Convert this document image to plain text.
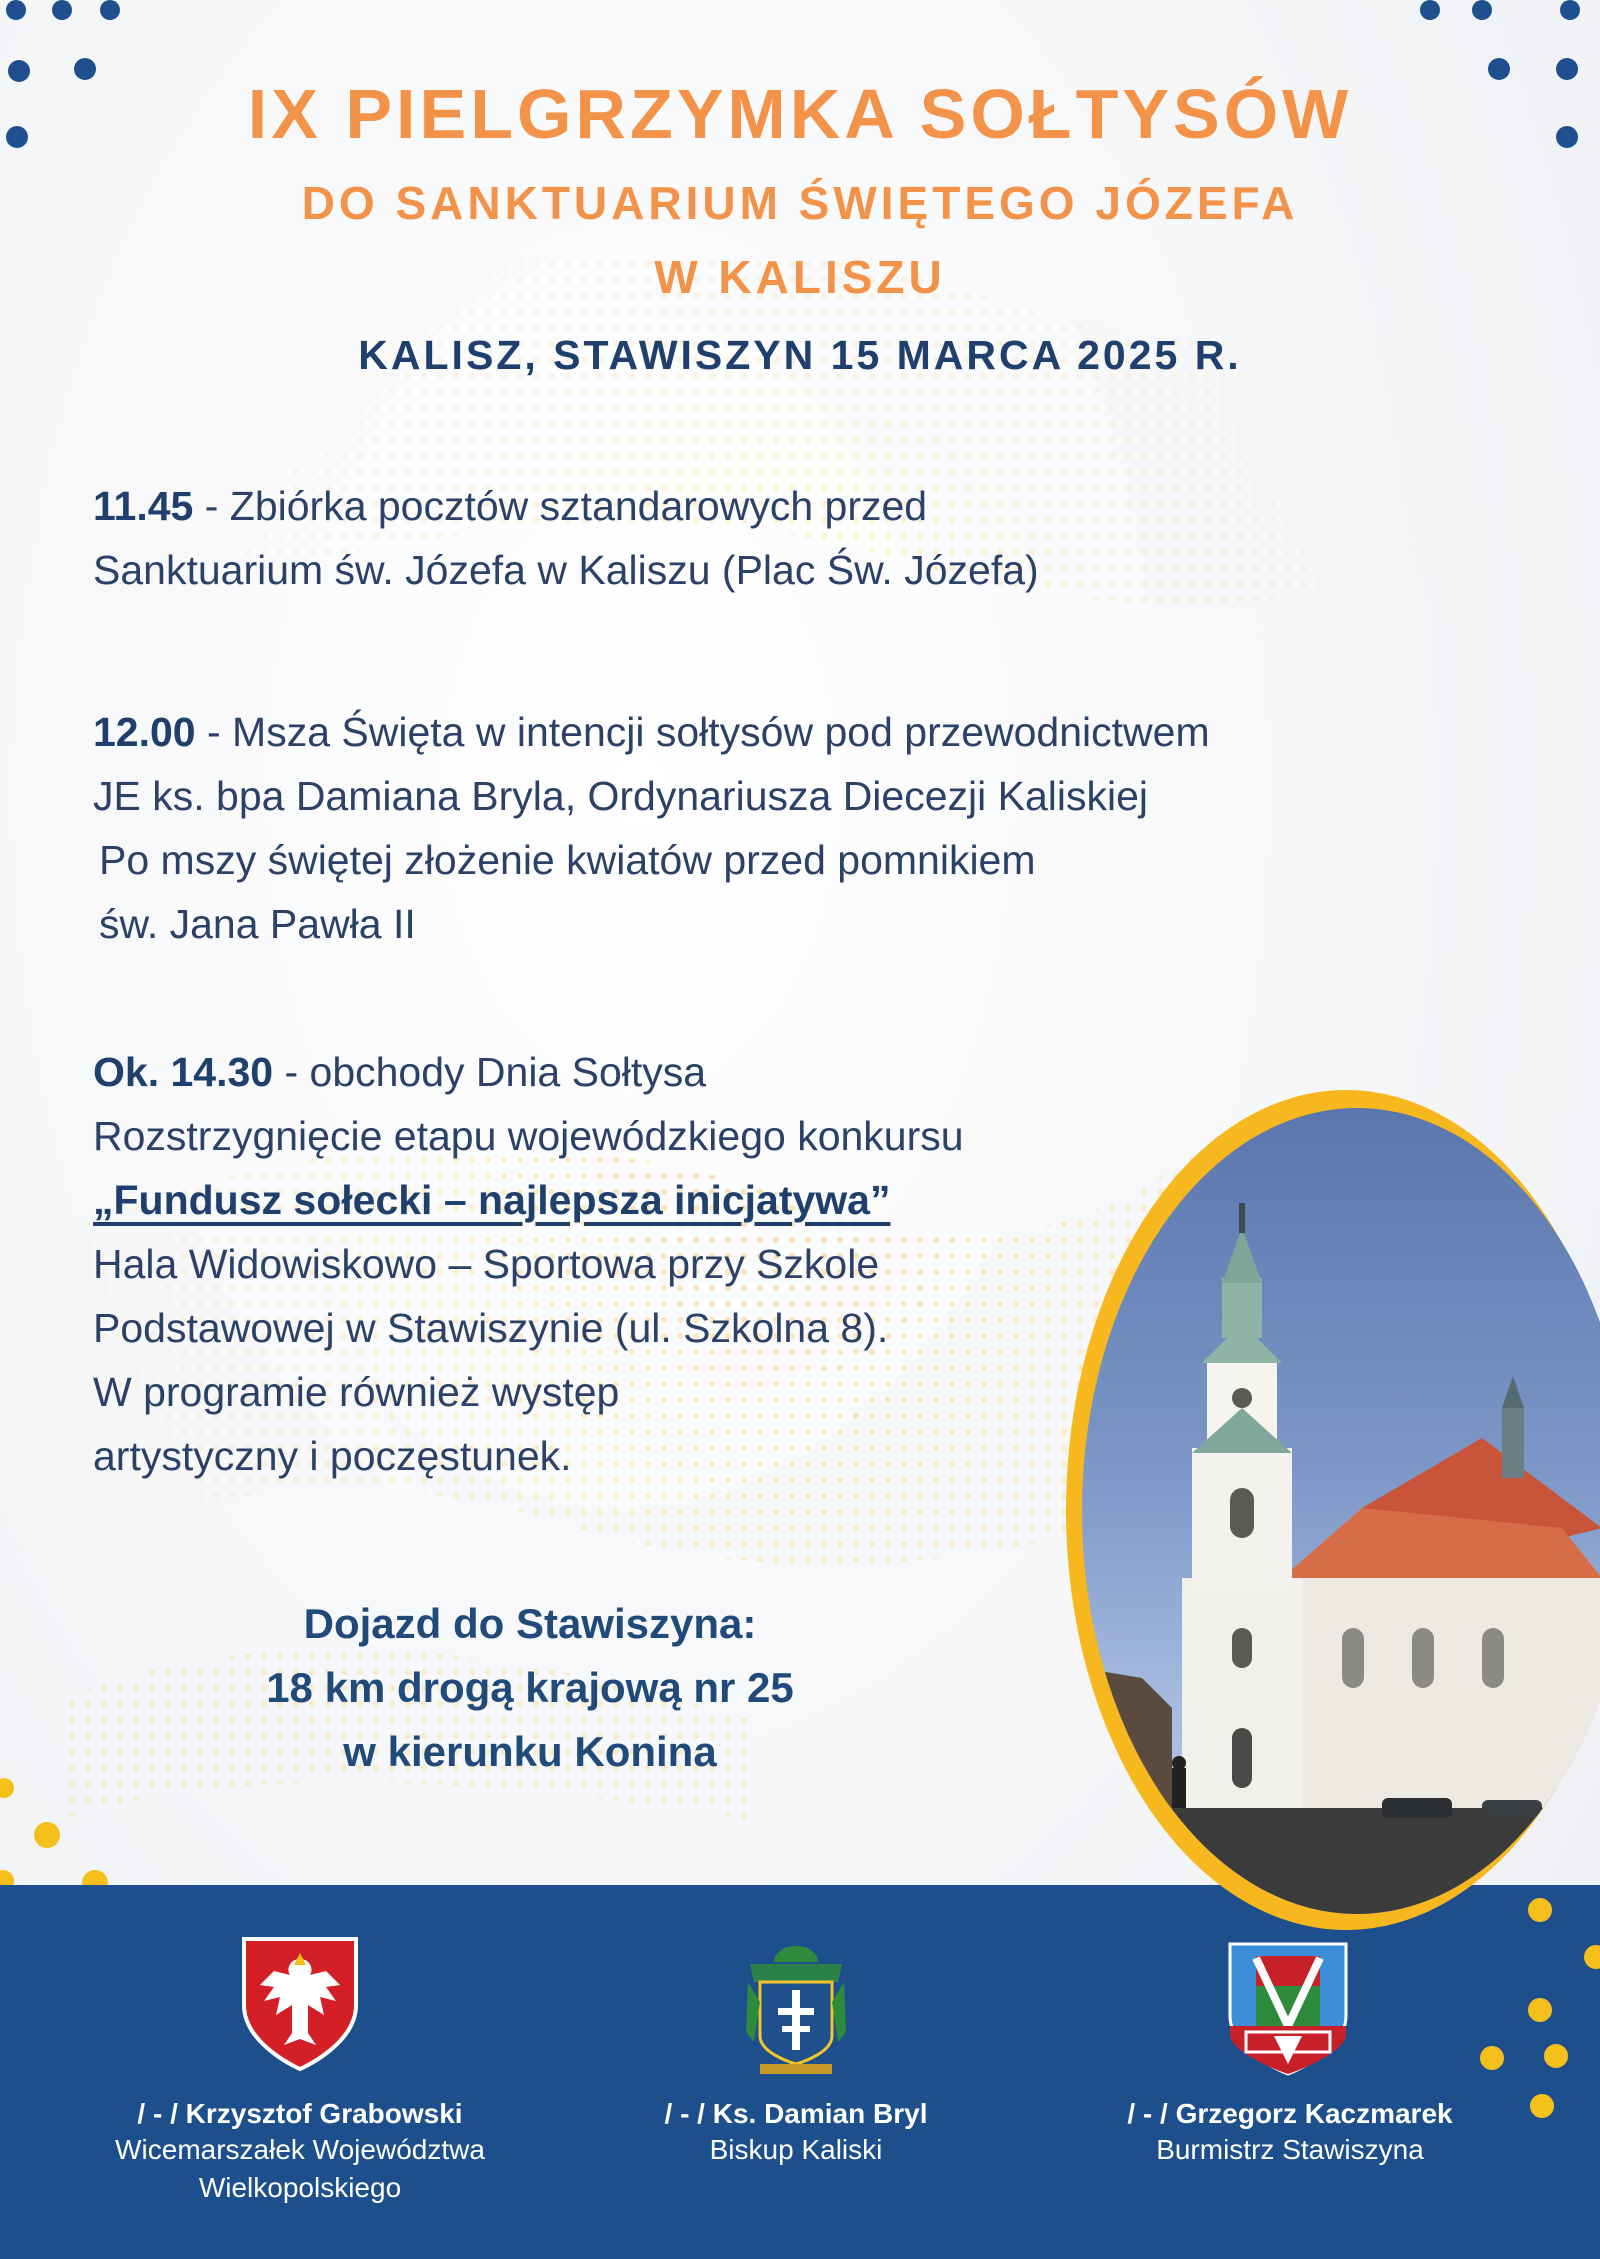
IX PIELGRZYMKA SOŁTYSÓW
DO SANKTUARIUM ŚWIĘTEGO JÓZEFA
W KALISZU
KALISZ, STAWISZYN 15 MARCA 2025 R.
11.45 - Zbiórka pocztów sztandarowych przed
Sanktuarium św. Józefa w Kaliszu (Plac Św. Józefa)
12.00 - Msza Święta w intencji sołtysów pod przewodnictwem
JE ks. bpa Damiana Bryla, Ordynariusza Diecezji Kaliskiej
Po mszy świętej złożenie kwiatów przed pomnikiem
św. Jana Pawła II
Ok. 14.30 - obchody Dnia Sołtysa
Rozstrzygnięcie etapu wojewódzkiego konkursu
„Fundusz sołecki – najlepsza inicjatywa”
Hala Widowiskowo – Sportowa przy Szkole
Podstawowej w Stawiszynie (ul. Szkolna 8).
W programie również występ
artystyczny i poczęstunek.
Dojazd do Stawiszyna:
18 km drogą krajową nr 25
w kierunku Konina
/ - / Krzysztof Grabowski
Wicemarszałek Województwa
Wielkopolskiego
/ - / Ks. Damian Bryl
Biskup Kaliski
/ - / Grzegorz Kaczmarek
Burmistrz Stawiszyna
